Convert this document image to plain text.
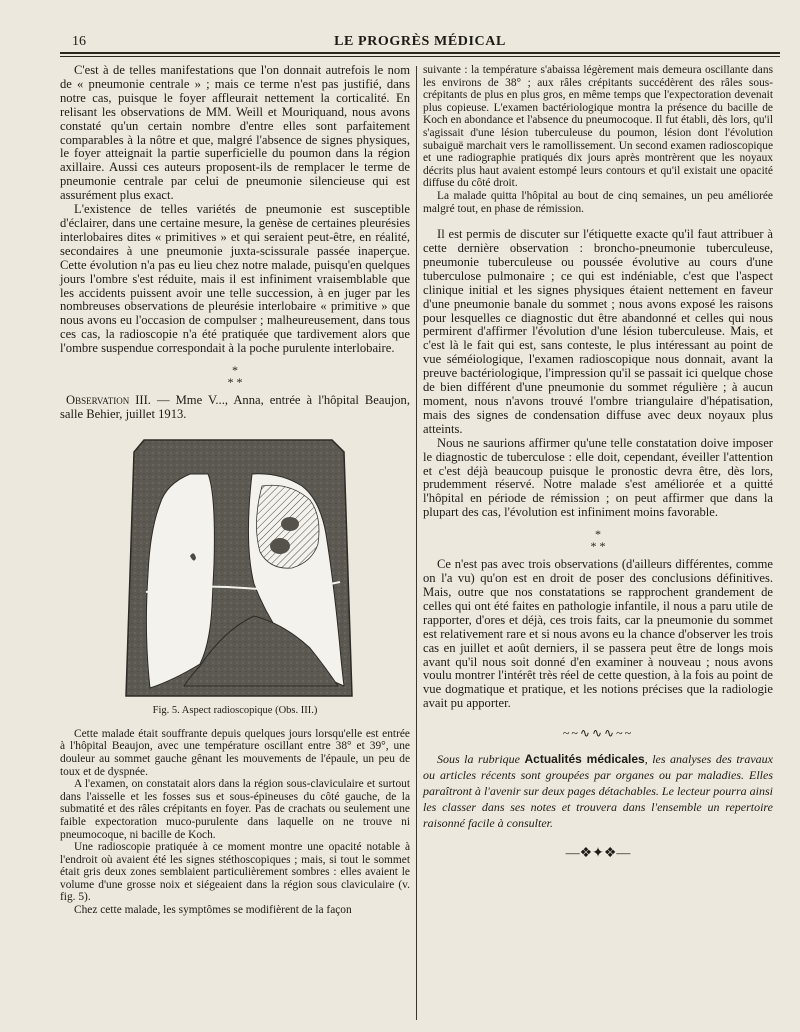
16	LE PROGRÈS MÉDICAL

C'est à de telles manifestations que l'on donnait autrefois le nom de « pneumonie centrale » ; mais ce terme n'est pas justifié, dans notre cas, puisque le foyer affleurait nettement la corticalité. En relisant les observations de MM. Weill et Mouriquand, nous avons constaté qu'un certain nombre d'entre elles sont parfaitement comparables à la nôtre et que, malgré l'absence de signes physiques, le foyer atteignait la partie superficielle du poumon dans la région axillaire. Aussi ces auteurs proposent-ils de remplacer le terme de pneumonie centrale par celui de pneumonie silencieuse qui est assurément plus exact.

L'existence de telles variétés de pneumonie est susceptible d'éclairer, dans une certaine mesure, la genèse de certaines pleurésies interlobaires dites « primitives » et qui seraient peut-être, en réalité, secondaires à une pneumonie juxta-scissurale passée inaperçue. Cette évolution n'a pas eu lieu chez notre malade, puisqu'en quelques jours l'ombre s'est réduite, mais il est infiniment vraisemblable que les accidents puissent avoir une telle succession, à en juger par les nombreuses observations de pleurésie interlobaire « primitive » que nous avons eu l'occasion de compulser ; malheureusement, dans tous ces cas, la radioscopie n'a été pratiquée que tardivement alors que l'ombre suspendue correspondait à la poche purulente interlobaire.

*
* *

Observation III. — Mme V..., Anna, entrée à l'hôpital Beaujon, salle Behier, juillet 1913.

Fig. 5. Aspect radioscopique (Obs. III.)

Cette malade était souffrante depuis quelques jours lorsqu'elle est entrée à l'hôpital Beaujon, avec une température oscillant entre 38° et 39°, une douleur au sommet gauche gênant les mouvements de l'épaule, un peu de toux et de dyspnée.

A l'examen, on constatait alors dans la région sous-claviculaire et surtout dans l'aisselle et les fosses sus et sous-épineuses du côté gauche, de la submatité et des râles crépitants en foyer. Pas de crachats ou seulement une faible expectoration muco-purulente dans laquelle on ne trouve ni pneumocoque, ni bacille de Koch.

Une radioscopie pratiquée à ce moment montre une opacité notable à l'endroit où avaient été les signes stéthoscopiques ; mais, si tout le sommet était gris deux zones semblaient particulièrement sombres : elles avaient le volume d'une grosse noix et siégeaient dans la région sous claviculaire (v. fig. 5).

Chez cette malade, les symptômes se modifièrent de la façon

suivante : la température s'abaissa légèrement mais demeura oscillante dans les environs de 38° ; aux râles crépitants succédèrent des râles sous-crépitants de plus en plus gros, en même temps que l'expectoration devenait plus copieuse. L'examen bactériologique montra la présence du bacille de Koch en abondance et l'absence du pneumocoque. Il fut établi, dès lors, qu'il s'agissait d'une lésion tuberculeuse du poumon, lésion dont l'évolution subaiguë marchait vers le ramollissement. Un second examen radioscopique et une radiographie pratiqués dix jours après montrèrent que les noyaux décrits plus haut avaient estompé leurs contours et qu'il existait une opacité diffuse du côté droit.

La malade quitta l'hôpital au bout de cinq semaines, un peu améliorée malgré tout, en phase de rémission.

Il est permis de discuter sur l'étiquette exacte qu'il faut attribuer à cette dernière observation : broncho-pneumonie tuberculeuse, pneumonie tuberculeuse ou poussée évolutive au cours d'une tuberculose pulmonaire ; ce qui est indéniable, c'est que l'aspect clinique initial et les signes physiques étaient nettement en faveur d'une pneumonie banale du sommet ; nous avons exposé les raisons pour lesquelles ce diagnostic dut être abandonné et celles qui nous permirent d'affirmer l'évolution d'une lésion tuberculeuse. Mais, et c'est là le fait qui est, sans conteste, le plus intéressant au point de vue séméiologique, l'examen radioscopique nous donnait, avant la preuve bactériologique, l'impression qu'il se passait ici quelque chose de bien différent d'une pneumonie du sommet régulière ; à aucun moment, nous n'avons trouvé l'ombre triangulaire d'hépatisation, mais des signes de condensation diffuse avec deux noyaux plus atteints.

Nous ne saurions affirmer qu'une telle constatation doive imposer le diagnostic de tuberculose : elle doit, cependant, éveiller l'attention et c'est déjà beaucoup puisque le pronostic devra être, dès lors, prudemment réservé. Notre malade s'est améliorée et a quitté l'hôpital en période de rémission ; on peut affirmer que dans la plupart des cas, l'évolution est infiniment moins favorable.

*
* *

Ce n'est pas avec trois observations (d'ailleurs différentes, comme on l'a vu) qu'on est en droit de poser des conclusions définitives. Mais, outre que nos constatations se rapprochent grandement de celles qui ont été faites en pathologie infantile, il nous a paru utile de rapporter, d'ores et déjà, ces trois faits, car la pneumonie du sommet est relativement rare et si nous avons eu la chance d'observer les trois cas en juillet et août derniers, il se passera peut être de longs mois avant qu'il nous soit donné d'en examiner à nouveau ; nous avons voulu montrer l'intérêt très réel de cette question, à la fois au point de vue dogmatique et pratique, et les notions précises que la radiologie avait pu apporter.

~~∿∿∿~~

Sous la rubrique Actualités médicales, les analyses des travaux ou articles récents sont groupées par organes ou par maladies. Elles paraîtront à l'avenir sur deux pages détachables. Le lecteur pourra ainsi les classer dans ses notes et trouvera dans l'ensemble un repertoire raisonné facile à consulter.

—❖✦❖—
